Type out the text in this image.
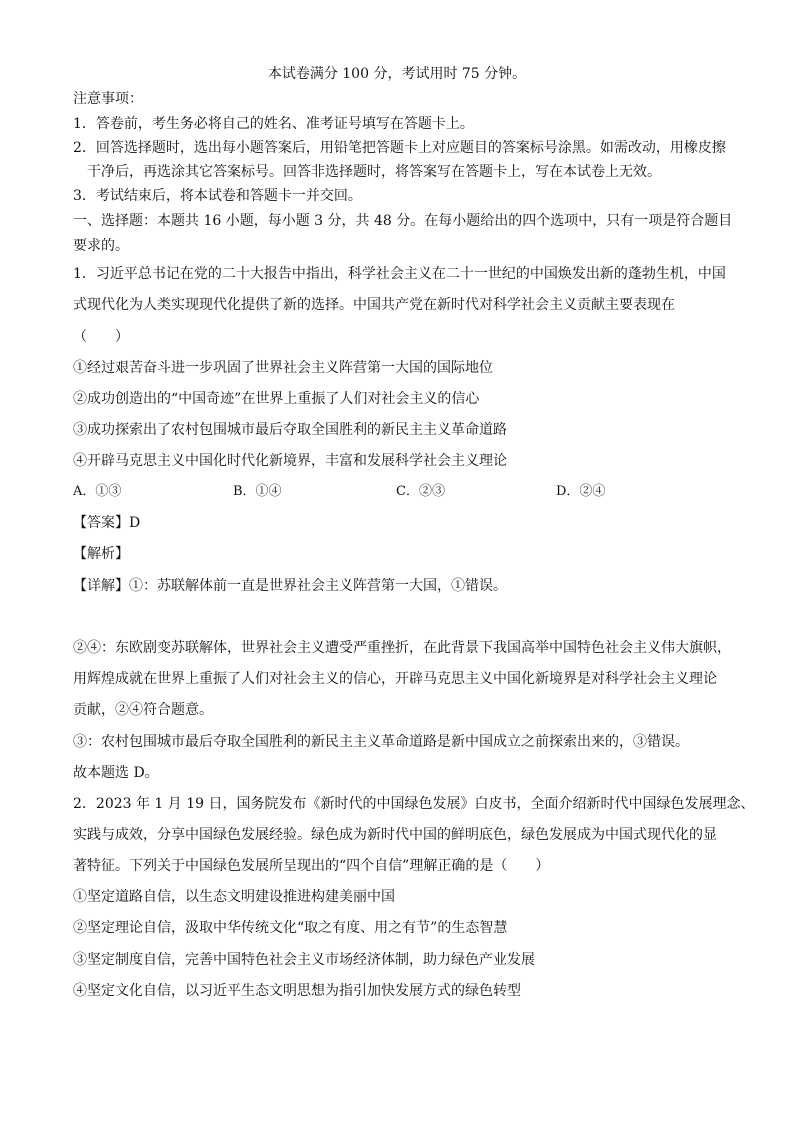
本试卷满分 100 分，考试用时 75 分钟。
注意事项：
1．答卷前，考生务必将自己的姓名、准考证号填写在答题卡上。
2．回答选择题时，选出每小题答案后，用铅笔把答题卡上对应题目的答案标号涂黑。如需改动，用橡皮擦
干净后，再选涂其它答案标号。回答非选择题时，将答案写在答题卡上，写在本试卷上无效。
3．考试结束后，将本试卷和答题卡一并交回。
一、选择题：本题共 16 小题，每小题 3 分，共 48 分。在每小题给出的四个选项中，只有一项是符合题目
要求的。
1．习近平总书记在党的二十大报告中指出，科学社会主义在二十一世纪的中国焕发出新的蓬勃生机，中国
式现代化为人类实现现代化提供了新的选择。中国共产党在新时代对科学社会主义贡献主要表现在
（　　）
①经过艰苦奋斗进一步巩固了世界社会主义阵营第一大国的国际地位
②成功创造出的“中国奇迹”在世界上重振了人们对社会主义的信心
③成功探索出了农村包围城市最后夺取全国胜利的新民主主义革命道路
④开辟马克思主义中国化时代化新境界，丰富和发展科学社会主义理论
A．①③	B．①④	C．②③	D．②④
【答案】D
【解析】
【详解】①：苏联解体前一直是世界社会主义阵营第一大国，①错误。
②④：东欧剧变苏联解体，世界社会主义遭受严重挫折，在此背景下我国高举中国特色社会主义伟大旗帜，
用辉煌成就在世界上重振了人们对社会主义的信心，开辟马克思主义中国化新境界是对科学社会主义理论
贡献，②④符合题意。
③：农村包围城市最后夺取全国胜利的新民主主义革命道路是新中国成立之前探索出来的，③错误。
故本题选 D。
2．2023 年 1 月 19 日，国务院发布《新时代的中国绿色发展》白皮书，全面介绍新时代中国绿色发展理念、
实践与成效，分享中国绿色发展经验。绿色成为新时代中国的鲜明底色，绿色发展成为中国式现代化的显
著特征。下列关于中国绿色发展所呈现出的“四个自信”理解正确的是（　　）
①坚定道路自信，以生态文明建设推进构建美丽中国
②坚定理论自信，汲取中华传统文化“取之有度、用之有节”的生态智慧
③坚定制度自信，完善中国特色社会主义市场经济体制，助力绿色产业发展
④坚定文化自信，以习近平生态文明思想为指引加快发展方式的绿色转型
